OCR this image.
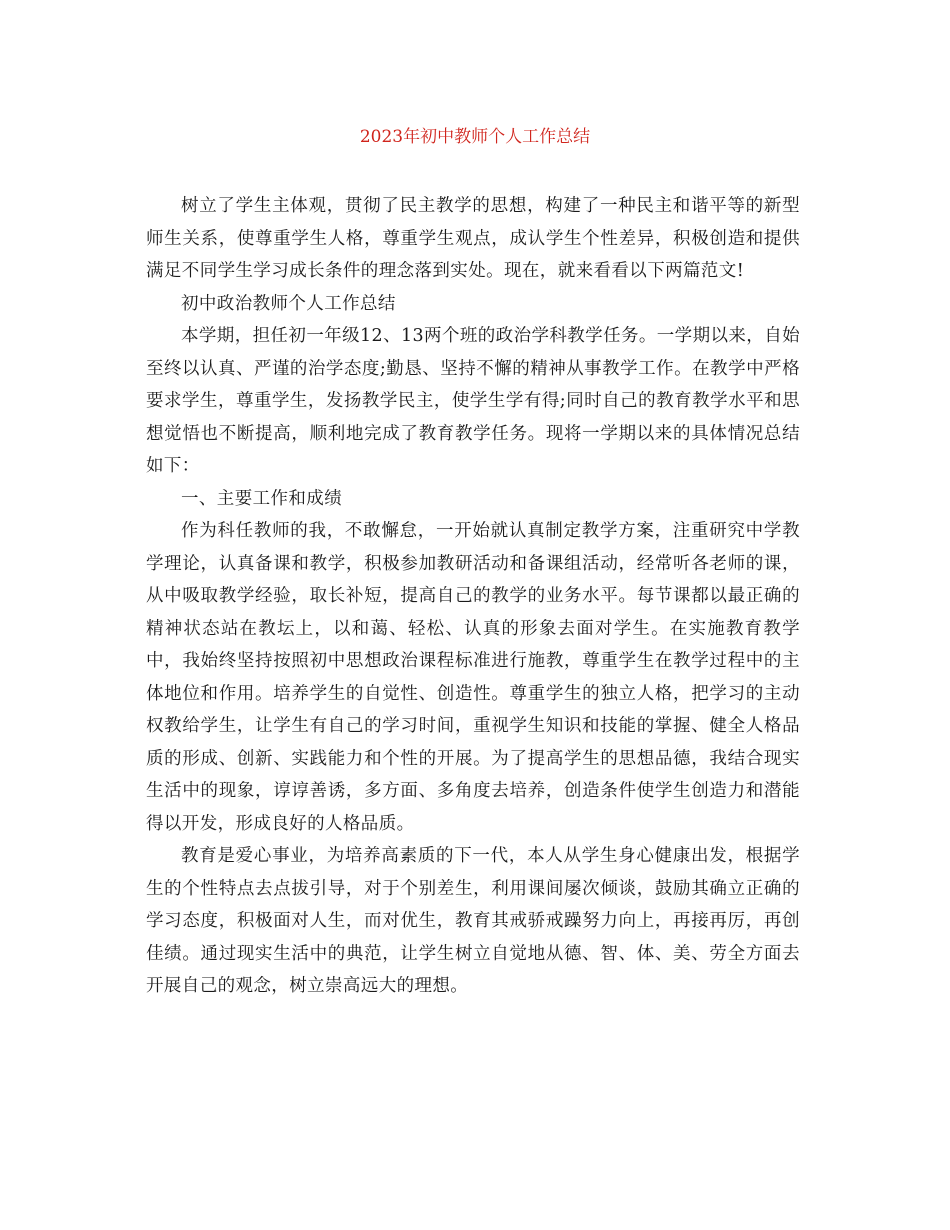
2023年初中教师个人工作总结

树立了学生主体观，贯彻了民主教学的思想，构建了一种民主和谐平等的新型师生关系，使尊重学生人格，尊重学生观点，成认学生个性差异，积极创造和提供满足不同学生学习成长条件的理念落到实处。现在，就来看看以下两篇范文!

初中政治教师个人工作总结

本学期，担任初一年级12、13两个班的政治学科教学任务。一学期以来，自始至终以认真、严谨的治学态度;勤恳、坚持不懈的精神从事教学工作。在教学中严格要求学生，尊重学生，发扬教学民主，使学生学有得;同时自己的教育教学水平和思想觉悟也不断提高，顺利地完成了教育教学任务。现将一学期以来的具体情况总结如下：

一、主要工作和成绩

作为科任教师的我，不敢懈怠，一开始就认真制定教学方案，注重研究中学教学理论，认真备课和教学，积极参加教研活动和备课组活动，经常听各老师的课，从中吸取教学经验，取长补短，提高自己的教学的业务水平。每节课都以最正确的精神状态站在教坛上，以和蔼、轻松、认真的形象去面对学生。在实施教育教学中，我始终坚持按照初中思想政治课程标准进行施教，尊重学生在教学过程中的主体地位和作用。培养学生的自觉性、创造性。尊重学生的独立人格，把学习的主动权教给学生，让学生有自己的学习时间，重视学生知识和技能的掌握、健全人格品质的形成、创新、实践能力和个性的开展。为了提高学生的思想品德，我结合现实生活中的现象，谆谆善诱，多方面、多角度去培养，创造条件使学生创造力和潜能得以开发，形成良好的人格品质。

教育是爱心事业，为培养高素质的下一代，本人从学生身心健康出发，根据学生的个性特点去点拔引导，对于个别差生，利用课间屡次倾谈，鼓励其确立正确的学习态度，积极面对人生，而对优生，教育其戒骄戒躁努力向上，再接再厉，再创佳绩。通过现实生活中的典范，让学生树立自觉地从德、智、体、美、劳全方面去开展自己的观念，树立崇高远大的理想。
